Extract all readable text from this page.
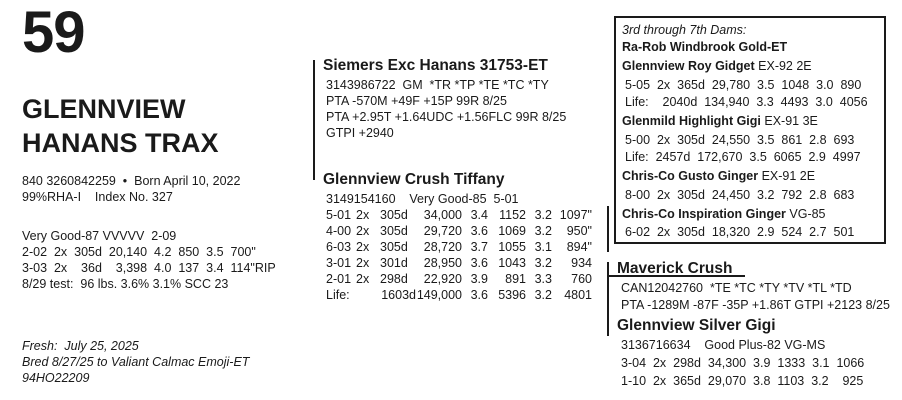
59
GLENNVIEW
HANANS TRAX
840 3260842259  •  Born April 10, 2022
99%RHA-I    Index No. 327
Very Good-87 VVVVV  2-09
2-02  2x  305d  20,140  4.2  850  3.5  700"
3-03  2x    36d    3,398  4.0  137  3.4  114"RIP
8/29 test:  96 lbs. 3.6% 3.1% SCC 23
Fresh:  July 25, 2025
Bred 8/27/25 to Valiant Calmac Emoji-ET
94HO22209
Siemers Exc Hanans 31753-ET
3143986722  GM  *TR *TP *TE *TC *TY
PTA -570M +49F +15P 99R 8/25
PTA +2.95T +1.64UDC +1.56FLC 99R 8/25
GTPI +2940
Glennview Crush Tiffany
3149154160    Very Good-85  5-01
5-01	2x	305d	34,000	3.4	1152	3.2	1097"
4-00	2x	305d	29,720	3.6	1069	3.2	950"
6-03	2x	305d	28,720	3.7	1055	3.1	894"
3-01	2x	301d	28,950	3.6	1043	3.2	934
2-01	2x	298d	22,920	3.9	891	3.3	760
Life:		1603d	149,000	3.6	5396	3.2	4801
3rd through 7th Dams:
Ra-Rob Windbrook Gold-ET
Glennview Roy Gidget EX-92 2E
5-05  2x  365d  29,780  3.5  1048  3.0  890
Life:    2040d  134,940  3.3  4493  3.0  4056
Glenmild Highlight Gigi EX-91 3E
5-00  2x  305d  24,550  3.5  861  2.8  693
Life:  2457d  172,670  3.5  6065  2.9  4997
Chris-Co Gusto Ginger EX-91 2E
8-00  2x  305d  24,450  3.2  792  2.8  683
Chris-Co Inspiration Ginger VG-85
6-02  2x  305d  18,320  2.9  524  2.7  501
Maverick Crush
CAN12042760  *TE *TC *TY *TV *TL *TD
PTA -1289M -87F -35P +1.86T GTPI +2123 8/25
Glennview Silver Gigi
3136716634    Good Plus-82 VG-MS
3-04  2x  298d  34,300  3.9  1333  3.1  1066
1-10  2x  365d  29,070  3.8  1103  3.2    925
